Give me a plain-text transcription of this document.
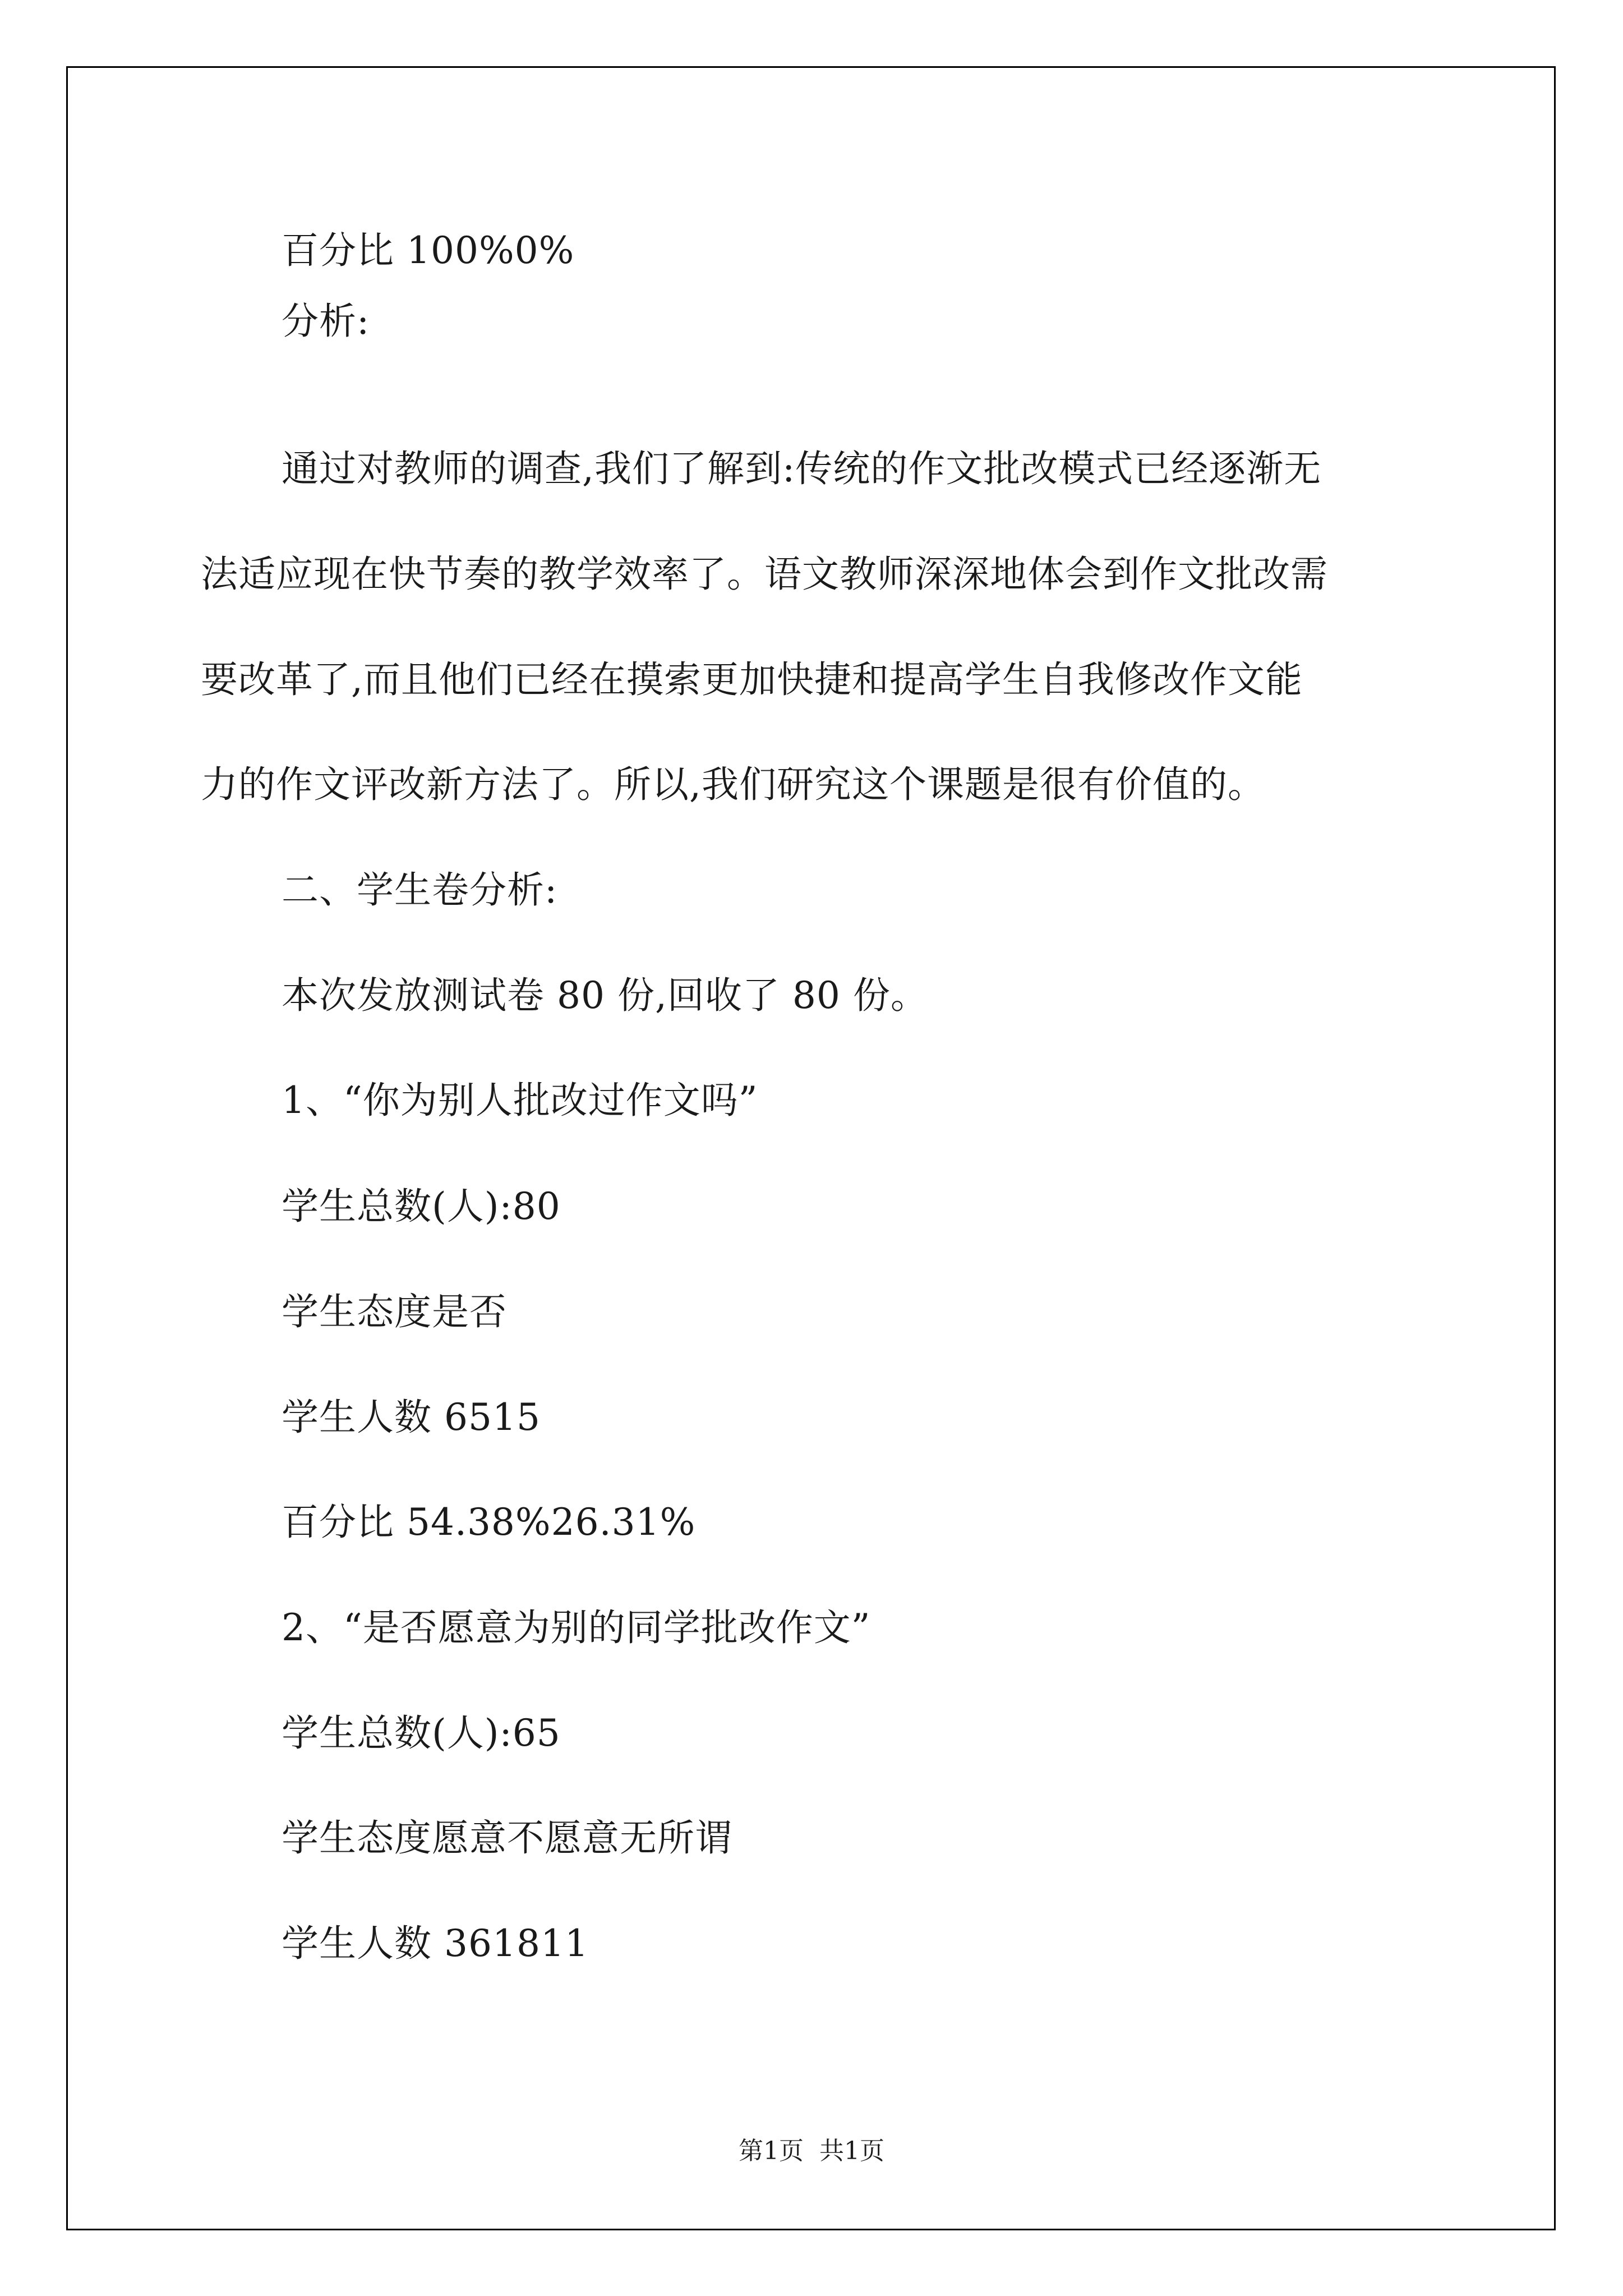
百分比 100%0%

分析:

通过对教师的调查,我们了解到:传统的作文批改模式已经逐渐无

法适应现在快节奏的教学效率了。语文教师深深地体会到作文批改需

要改革了,而且他们已经在摸索更加快捷和提高学生自我修改作文能

力的作文评改新方法了。所以,我们研究这个课题是很有价值的。

二、学生卷分析:

本次发放测试卷 80 份,回收了 80 份。

1、“你为别人批改过作文吗”

学生总数(人):80

学生态度是否

学生人数 6515

百分比 54.38%26.31%

2、“是否愿意为别的同学批改作文”

学生总数(人):65

学生态度愿意不愿意无所谓

学生人数 361811

第1页  共1页
